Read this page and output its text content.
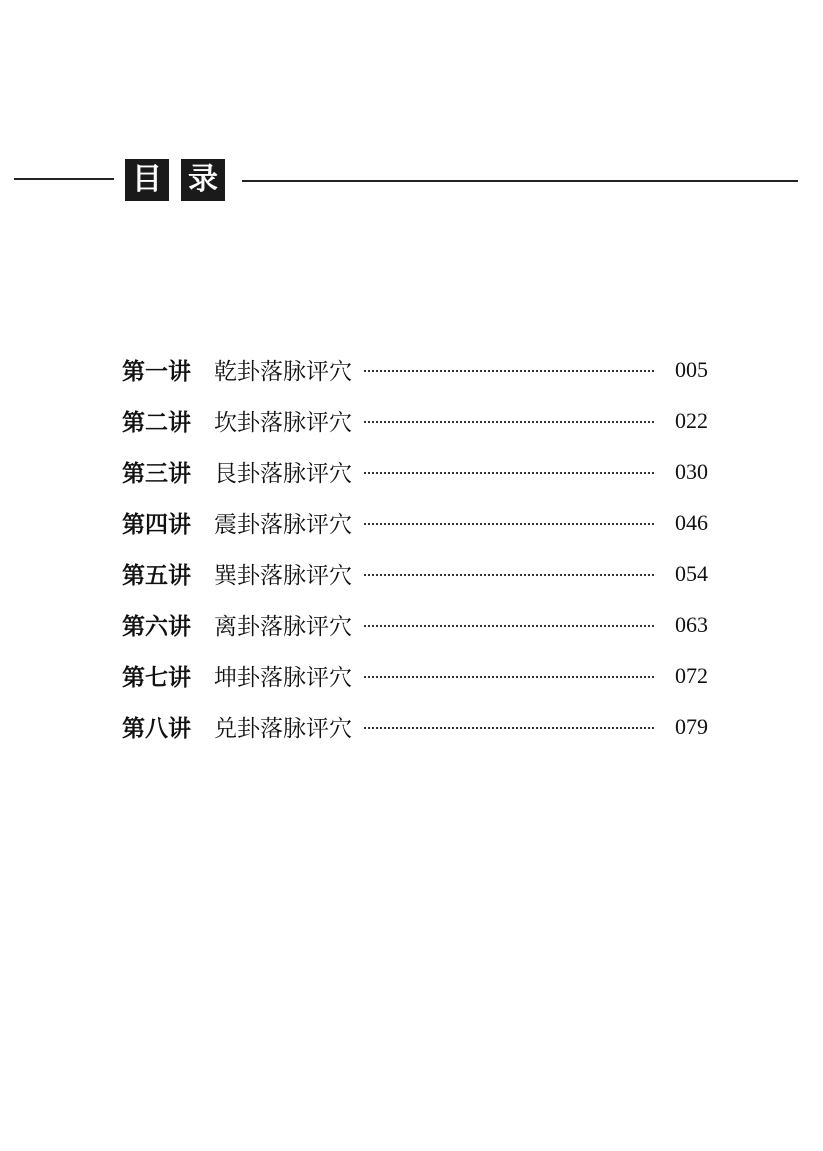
目 录
第一讲	乾卦落脉评穴	005
第二讲	坎卦落脉评穴	022
第三讲	艮卦落脉评穴	030
第四讲	震卦落脉评穴	046
第五讲	巽卦落脉评穴	054
第六讲	离卦落脉评穴	063
第七讲	坤卦落脉评穴	072
第八讲	兑卦落脉评穴	079
